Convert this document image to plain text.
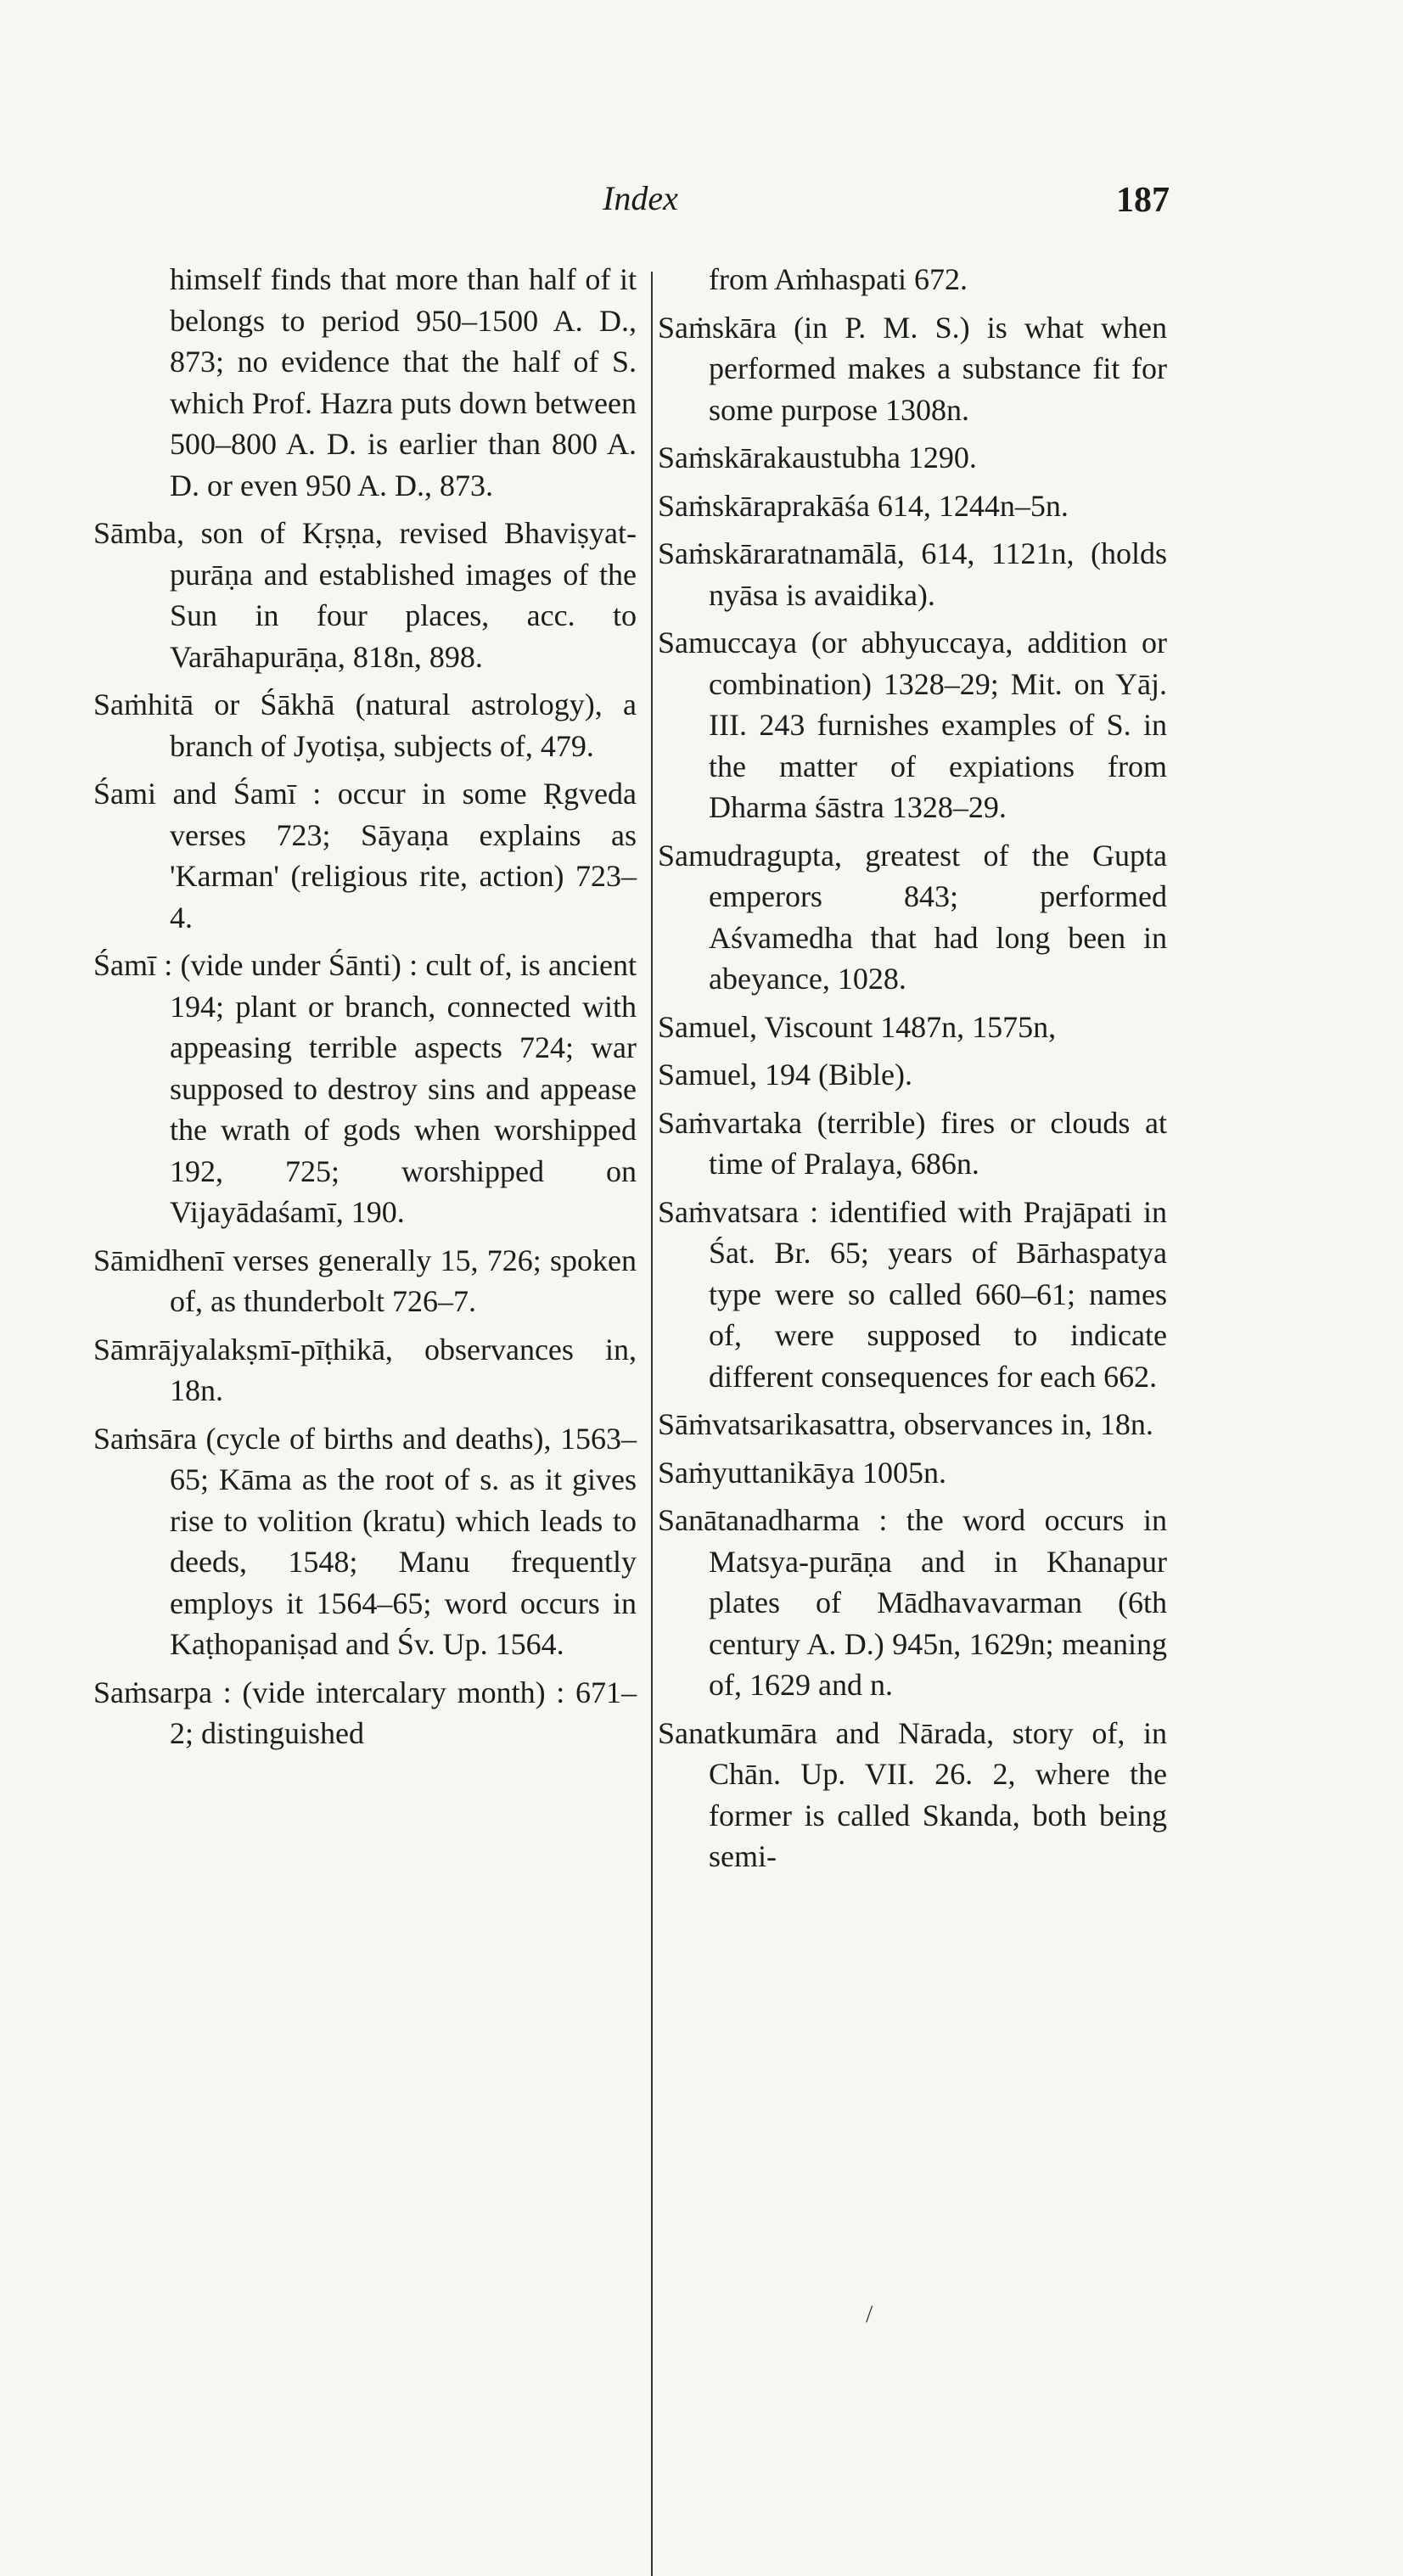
Index	187

himself finds that more than half of it belongs to period 950–1500 A. D., 873; no evidence that the half of S. which Prof. Hazra puts down between 500–800 A. D. is earlier than 800 A. D. or even 950 A. D., 873.

Sāmba, son of Kṛṣṇa, revised Bhaviṣyat-purāṇa and established images of the Sun in four places, acc. to Varāhapurāṇa, 818n, 898.

Saṁhitā or Śākhā (natural astrology), a branch of Jyotiṣa, subjects of, 479.

Śami and Śamī : occur in some Ṛgveda verses 723; Sāyaṇa explains as 'Karman' (religious rite, action) 723–4.

Śamī : (vide under Śānti) : cult of, is ancient 194; plant or branch, connected with appeasing terrible aspects 724; war supposed to destroy sins and appease the wrath of gods when worshipped 192, 725; worshipped on Vijayādaśamī, 190.

Sāmidhenī verses generally 15, 726; spoken of, as thunderbolt 726–7.

Sāmrājyalakṣmī-pīṭhikā, observances in, 18n.

Saṁsāra (cycle of births and deaths), 1563–65; Kāma as the root of s. as it gives rise to volition (kratu) which leads to deeds, 1548; Manu frequently employs it 1564–65; word occurs in Kaṭhopaniṣad and Śv. Up. 1564.

Saṁsarpa : (vide intercalary month) : 671–2; distinguished

from Aṁhaspati 672.

Saṁskāra (in P. M. S.) is what when performed makes a substance fit for some purpose 1308n.

Saṁskārakaustubha 1290.

Saṁskāraprakāśa 614, 1244n–5n.

Saṁskāraratnamālā, 614, 1121n, (holds nyāsa is avaidika).

Samuccaya (or abhyuccaya, addition or combination) 1328–29; Mit. on Yāj. III. 243 furnishes examples of S. in the matter of expiations from Dharma śāstra 1328–29.

Samudragupta, greatest of the Gupta emperors 843; performed Aśvamedha that had long been in abeyance, 1028.

Samuel, Viscount 1487n, 1575n,

Samuel, 194 (Bible).

Saṁvartaka (terrible) fires or clouds at time of Pralaya, 686n.

Saṁvatsara : identified with Prajāpati in Śat. Br. 65; years of Bārhaspatya type were so called 660–61; names of, were supposed to indicate different consequences for each 662.

Sāṁvatsarikasattra, observances in, 18n.

Saṁyuttanikāya 1005n.

Sanātanadharma : the word occurs in Matsya-purāṇa and in Khanapur plates of Mādhavavarman (6th century A. D.) 945n, 1629n; meaning of, 1629 and n.

Sanatkumāra and Nārada, story of, in Chān. Up. VII. 26. 2, where the former is called Skanda, both being semi-

/
